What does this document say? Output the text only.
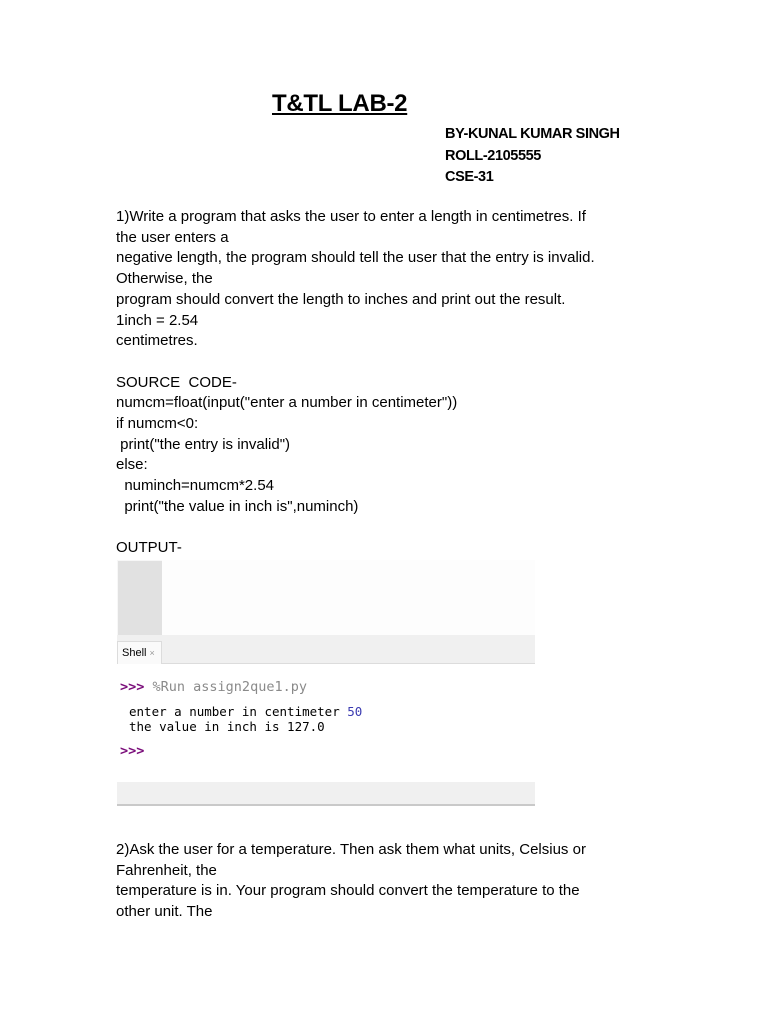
T&TL LAB-2
BY-KUNAL KUMAR SINGH
ROLL-2105555
CSE-31
1)Write a program that asks the user to enter a length in centimetres. If
the user enters a
negative length, the program should tell the user that the entry is invalid.
Otherwise, the
program should convert the length to inches and print out the result.
1inch = 2.54
centimetres.
SOURCE  CODE-
numcm=float(input("enter a number in centimeter"))
if numcm<0:
print("the entry is invalid")
else:
numinch=numcm*2.54
print("the value in inch is",numinch)
OUTPUT-
Shell ×
>>> %Run assign2que1.py
enter a number in centimeter 50
the value in inch is 127.0
>>>
2)Ask the user for a temperature. Then ask them what units, Celsius or
Fahrenheit, the
temperature is in. Your program should convert the temperature to the
other unit. The
